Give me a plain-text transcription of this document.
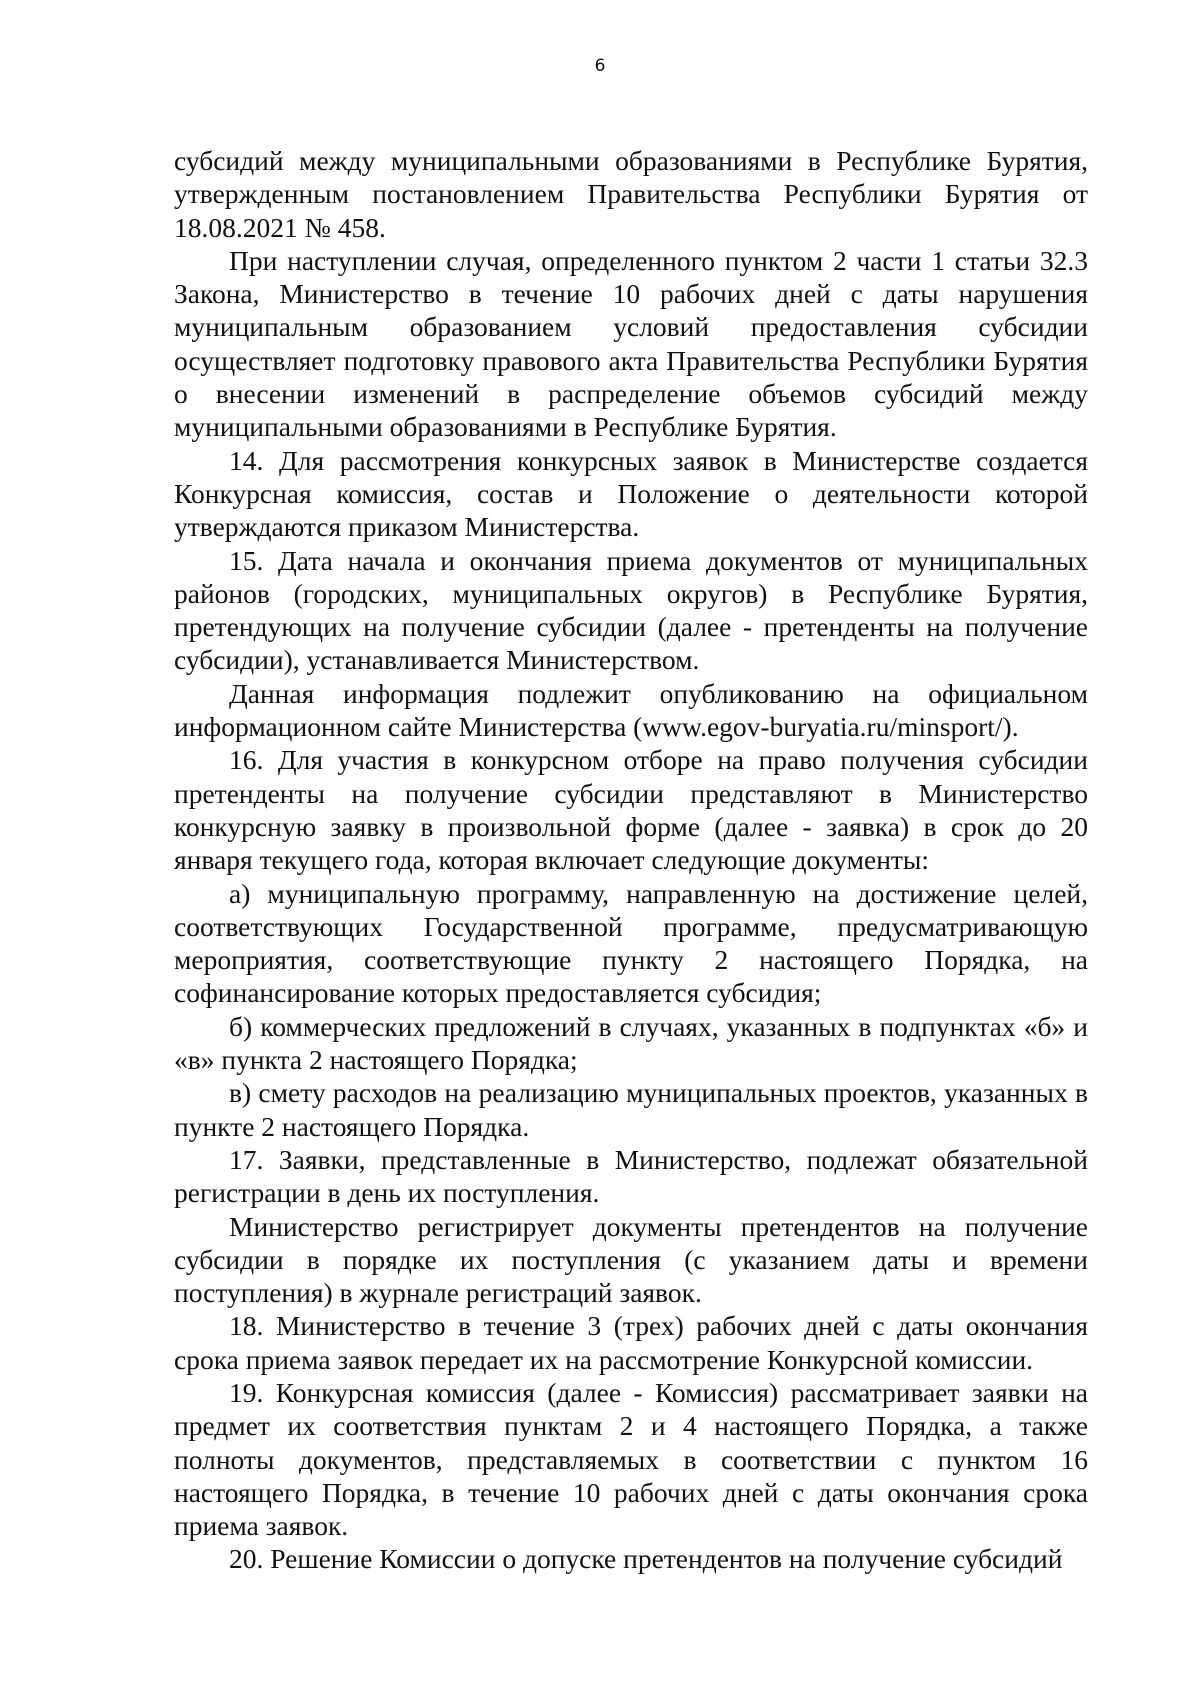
6

субсидий между муниципальными образованиями в Республике Бурятия, утвержденным постановлением Правительства Республики Бурятия от 18.08.2021 № 458.

При наступлении случая, определенного пунктом 2 части 1 статьи 32.3 Закона, Министерство в течение 10 рабочих дней с даты нарушения муниципальным образованием условий предоставления субсидии осуществляет подготовку правового акта Правительства Республики Бурятия о внесении изменений в распределение объемов субсидий между муниципальными образованиями в Республике Бурятия.

14. Для рассмотрения конкурсных заявок в Министерстве создается Конкурсная комиссия, состав и Положение о деятельности которой утверждаются приказом Министерства.

15. Дата начала и окончания приема документов от муниципальных районов (городских, муниципальных округов) в Республике Бурятия, претендующих на получение субсидии (далее - претенденты на получение субсидии), устанавливается Министерством.

Данная информация подлежит опубликованию на официальном информационном сайте Министерства (www.egov-buryatia.ru/minsport/).

16. Для участия в конкурсном отборе на право получения субсидии претенденты на получение субсидии представляют в Министерство конкурсную заявку в произвольной форме (далее - заявка) в срок до 20 января текущего года, которая включает следующие документы:

а) муниципальную программу, направленную на достижение целей, соответствующих Государственной программе, предусматривающую мероприятия, соответствующие пункту 2 настоящего Порядка, на софинансирование которых предоставляется субсидия;

б) коммерческих предложений в случаях, указанных в подпунктах «б» и «в» пункта 2 настоящего Порядка;

в) смету расходов на реализацию муниципальных проектов, указанных в пункте 2 настоящего Порядка.

17. Заявки, представленные в Министерство, подлежат обязательной регистрации в день их поступления.

Министерство регистрирует документы претендентов на получение субсидии в порядке их поступления (с указанием даты и времени поступления) в журнале регистраций заявок.

18. Министерство в течение 3 (трех) рабочих дней с даты окончания срока приема заявок передает их на рассмотрение Конкурсной комиссии.

19. Конкурсная комиссия (далее - Комиссия) рассматривает заявки на предмет их соответствия пунктам 2 и 4 настоящего Порядка, а также полноты документов, представляемых в соответствии с пунктом 16 настоящего Порядка, в течение 10 рабочих дней с даты окончания срока приема заявок.

20. Решение Комиссии о допуске претендентов на получение субсидий
